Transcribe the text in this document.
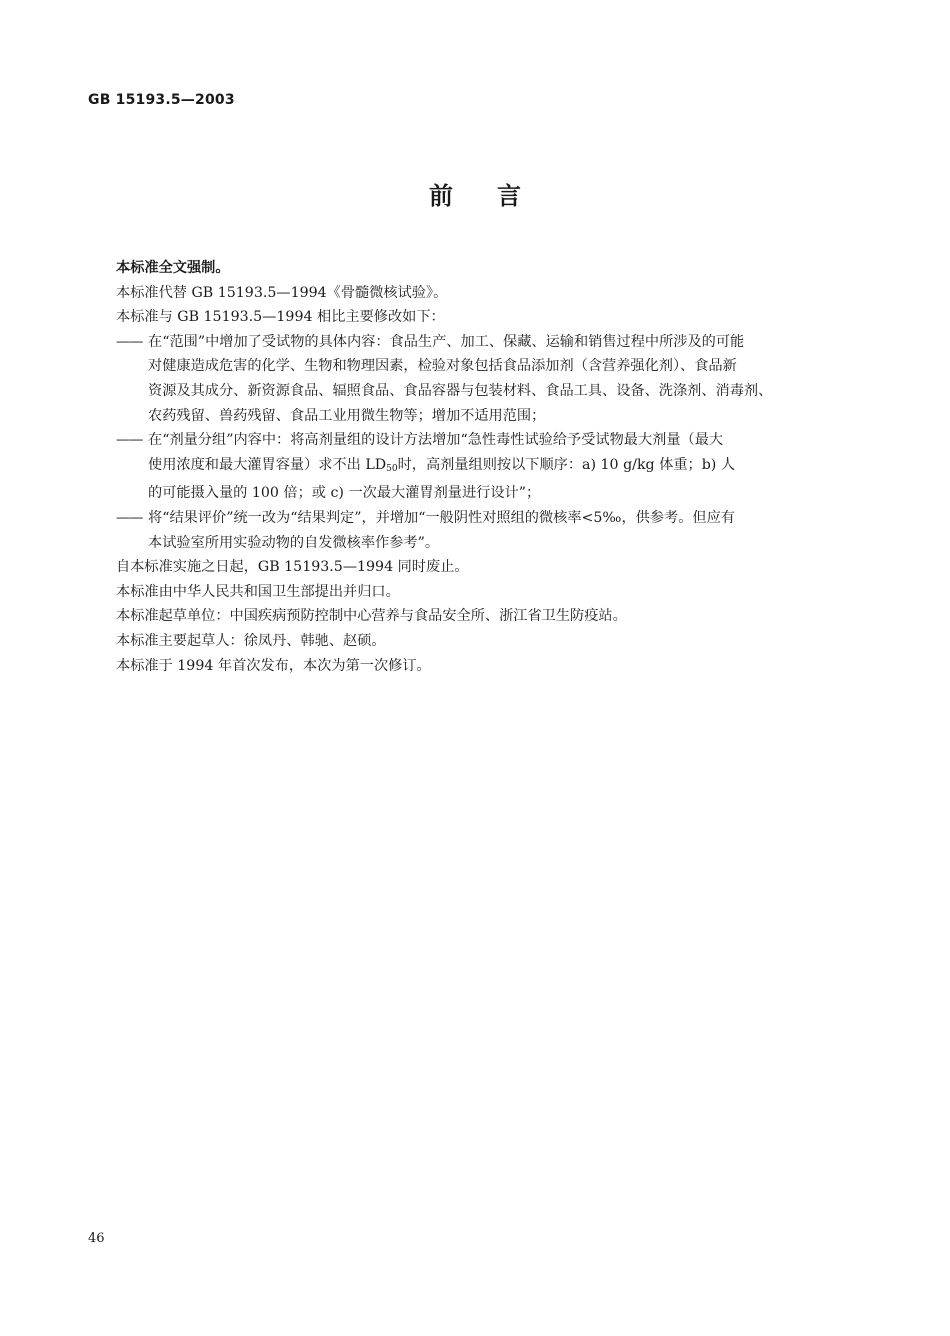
GB 15193.5—2003
前言

本标准全文强制。

本标准代替 GB 15193.5—1994《骨髓微核试验》。

本标准与 GB 15193.5—1994 相比主要修改如下：

—— 在“范围”中增加了受试物的具体内容：食品生产、加工、保藏、运输和销售过程中所涉及的可能
对健康造成危害的化学、生物和物理因素，检验对象包括食品添加剂（含营养强化剂）、食品新
资源及其成分、新资源食品、辐照食品、食品容器与包装材料、食品工具、设备、洗涤剂、消毒剂、
农药残留、兽药残留、食品工业用微生物等；增加不适用范围；
—— 在“剂量分组”内容中：将高剂量组的设计方法增加“急性毒性试验给予受试物最大剂量（最大
使用浓度和最大灌胃容量）求不出 $LD_{50}$时，高剂量组则按以下顺序：a) 10 g/kg 体重；b) 人
的可能摄入量的 100 倍；或 c) 一次最大灌胃剂量进行设计”；
—— 将“结果评价”统一改为“结果判定”，并增加“一般阴性对照组的微核率<5‰，供参考。但应有
本试验室所用实验动物的自发微核率作参考”。

自本标准实施之日起，GB 15193.5—1994 同时废止。

本标准由中华人民共和国卫生部提出并归口。

本标准起草单位：中国疾病预防控制中心营养与食品安全所、浙江省卫生防疫站。

本标准主要起草人：徐凤丹、韩驰、赵硕。

本标准于 1994 年首次发布，本次为第一次修订。

46
